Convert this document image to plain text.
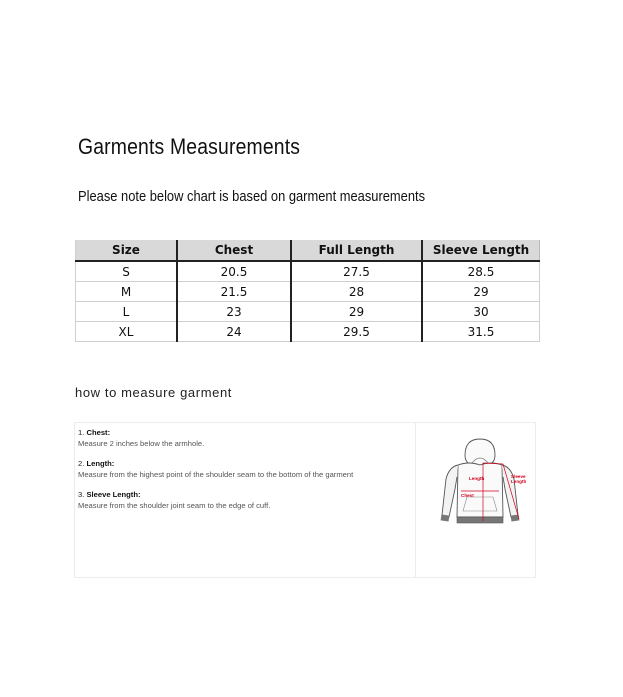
Garments Measurements
Please note below chart is based on garment measurements
Size	Chest	Full Length	Sleeve Length
S	20.5	27.5	28.5
M	21.5	28	29
L	23	29	30
XL	24	29.5	31.5
how to measure garment
1. Chest:
Measure 2 inches below the armhole.
2. Length:
Measure from the highest point of the shoulder seam to the bottom of the garment
3. Sleeve Length:
Measure from the shoulder joint seam to the edge of cuff.
Length	Sleeve
Length
Chest
